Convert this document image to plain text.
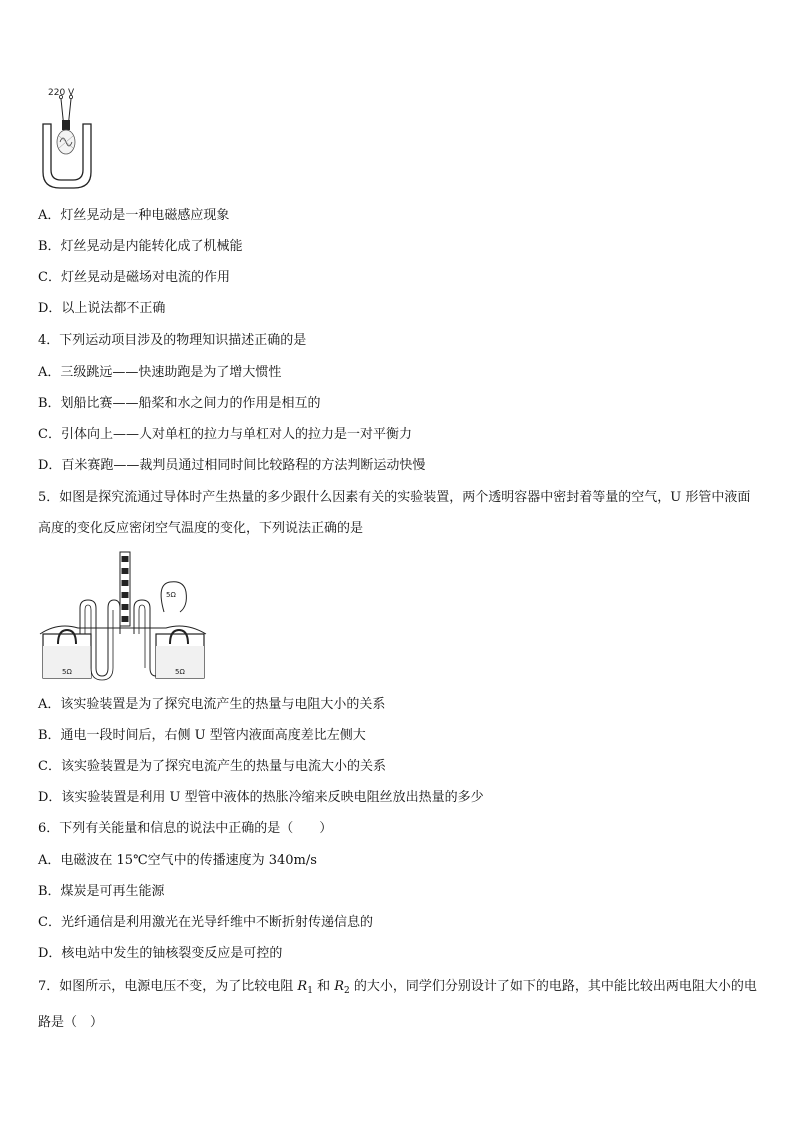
220 V
A．灯丝晃动是一种电磁感应现象
B．灯丝晃动是内能转化成了机械能
C．灯丝晃动是磁场对电流的作用
D．以上说法都不正确
4．下列运动项目涉及的物理知识描述正确的是
A．三级跳远——快速助跑是为了增大惯性
B．划船比赛——船桨和水之间力的作用是相互的
C．引体向上——人对单杠的拉力与单杠对人的拉力是一对平衡力
D．百米赛跑——裁判员通过相同时间比较路程的方法判断运动快慢
5．如图是探究流通过导体时产生热量的多少跟什么因素有关的实验装置，两个透明容器中密封着等量的空气，U 形管中液面高度的变化反应密闭空气温度的变化，下列说法正确的是
5Ω	5Ω
5Ω
A．该实验装置是为了探究电流产生的热量与电阻大小的关系
B．通电一段时间后，右侧 U 型管内液面高度差比左侧大
C．该实验装置是为了探究电流产生的热量与电流大小的关系
D．该实验装置是利用 U 型管中液体的热胀冷缩来反映电阻丝放出热量的多少
6．下列有关能量和信息的说法中正确的是（　　）
A．电磁波在 15℃空气中的传播速度为 340m/s
B．煤炭是可再生能源
C．光纤通信是利用激光在光导纤维中不断折射传递信息的
D．核电站中发生的铀核裂变反应是可控的
7．如图所示，电源电压不变，为了比较电阻 $R_1$ 和 $R_2$ 的大小，同学们分别设计了如下的电路，其中能比较出两电阻大小的电路是（　）
